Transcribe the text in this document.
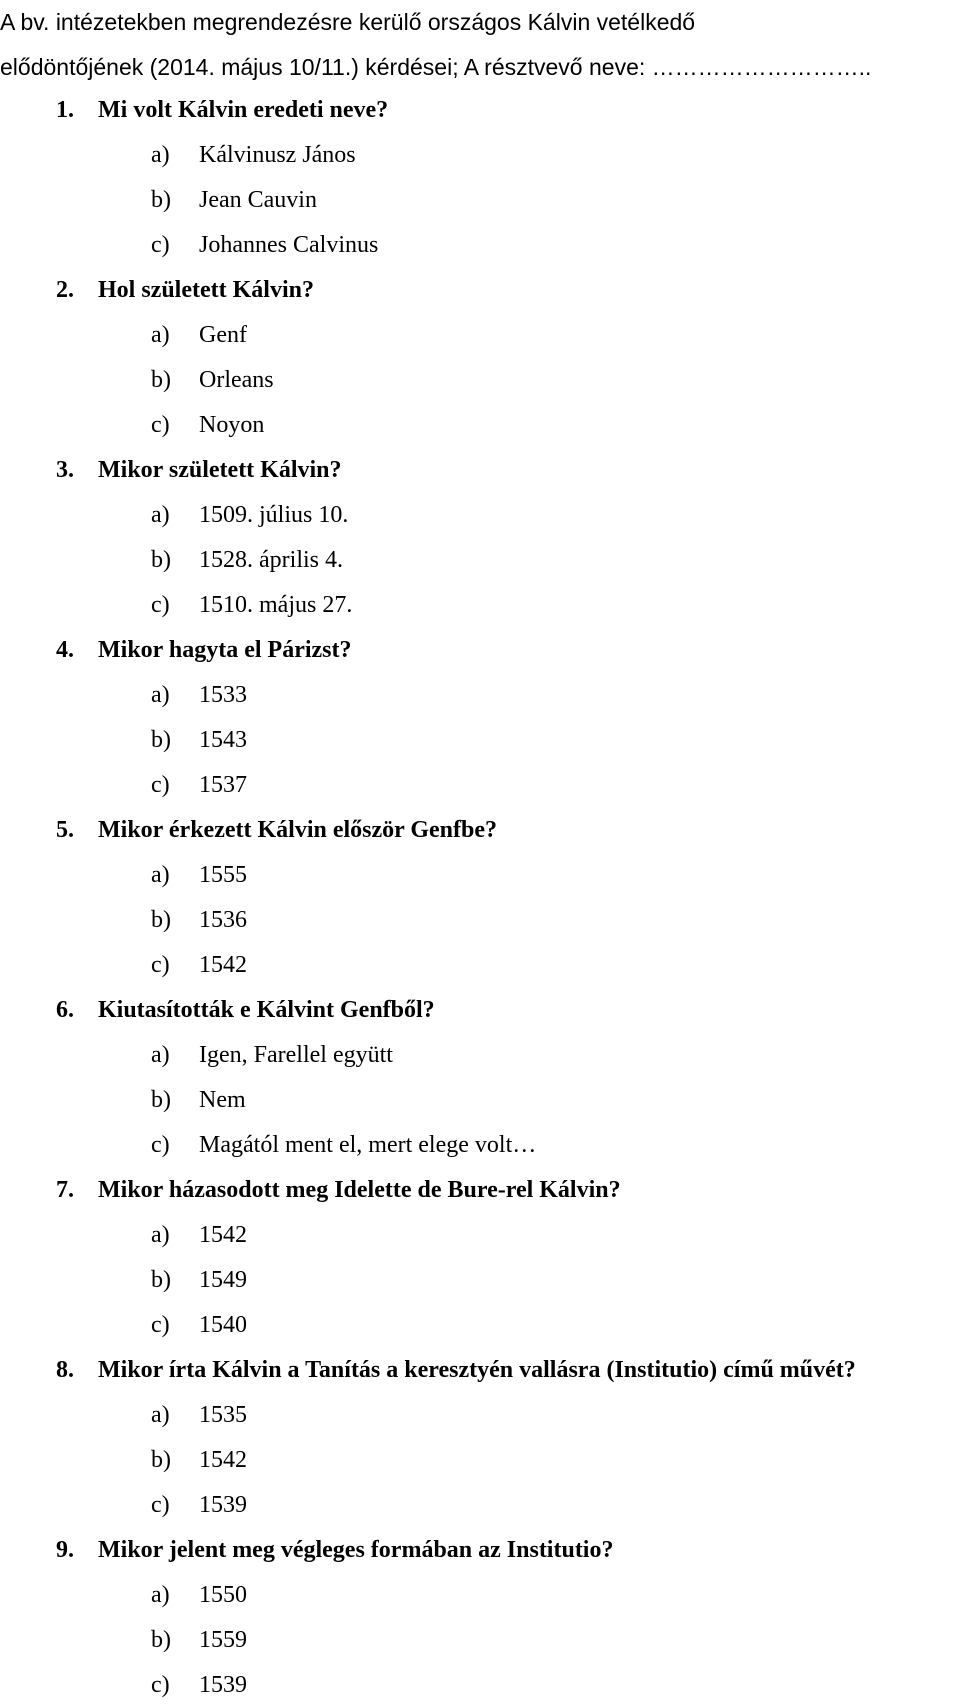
A bv. intézetekben megrendezésre kerülő országos Kálvin vetélkedő
elődöntőjének (2014. május 10/11.) kérdései; A résztvevő neve: ………………………..
1.	Mi volt Kálvin eredeti neve?
a)	Kálvinusz János
b)	Jean Cauvin
c)	Johannes Calvinus
2.	Hol született Kálvin?
a)	Genf
b)	Orleans
c)	Noyon
3.	Mikor született Kálvin?
a)	1509. július 10.
b)	1528. április 4.
c)	1510. május 27.
4.	Mikor hagyta el Párizst?
a)	1533
b)	1543
c)	1537
5.	Mikor érkezett Kálvin először Genfbe?
a)	1555
b)	1536
c)	1542
6.	Kiutasították e Kálvint Genfből?
a)	Igen, Farellel együtt
b)	Nem
c)	Magától ment el, mert elege volt…
7.	Mikor házasodott meg Idelette de Bure-rel Kálvin?
a)	1542
b)	1549
c)	1540
8.	Mikor írta Kálvin a Tanítás a keresztyén vallásra (Institutio) című művét?
a)	1535
b)	1542
c)	1539
9.	Mikor jelent meg végleges formában az Institutio?
a)	1550
b)	1559
c)	1539
